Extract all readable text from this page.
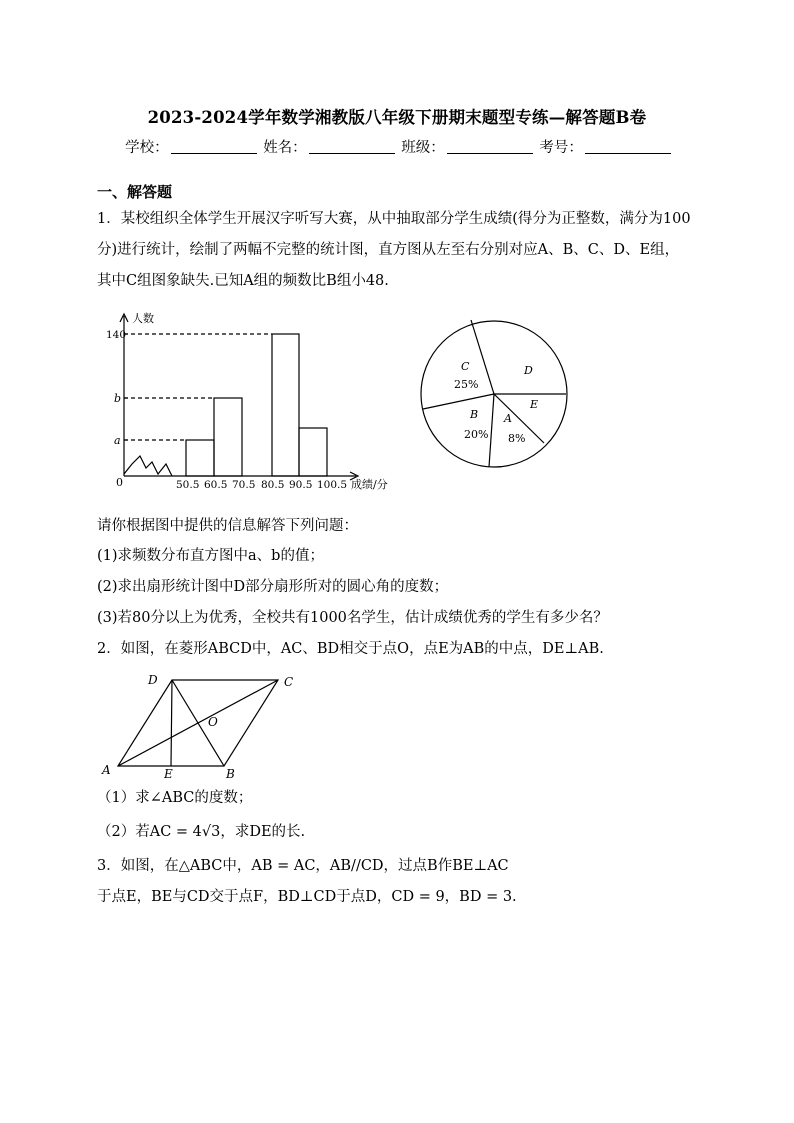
2023-2024学年数学湘教版八年级下册期末题型专练—解答题B卷
学校：	姓名：	班级：	考号：
一、解答题
1．某校组织全体学生开展汉字听写大赛，从中抽取部分学生成绩(得分为正整数，满分为100分)进行统计，绘制了两幅不完整的统计图，直方图从左至右分别对应A、B、C、D、E组，其中C组图象缺失.已知A组的频数比B组小48.
人数
140
b
a
0	50.5 60.5 70.5 80.5 90.5 100.5 成绩/分
C
25%
D
E
A
8%
B
20%
请你根据图中提供的信息解答下列问题：
(1)求频数分布直方图中a、b的值；
(2)求出扇形统计图中D部分扇形所对的圆心角的度数；
(3)若80分以上为优秀，全校共有1000名学生，估计成绩优秀的学生有多少名？
2．如图，在菱形ABCD中，AC、BD相交于点O，点E为AB的中点，DE⊥AB.
D	C
O
A	E	B
（1）求∠ABC的度数；
（2）若AC = 4√3，求DE的长.
3．如图，在△ABC中，AB = AC，AB//CD，过点B作BE⊥AC
于点E，BE与CD交于点F，BD⊥CD于点D，CD = 9，BD = 3.
